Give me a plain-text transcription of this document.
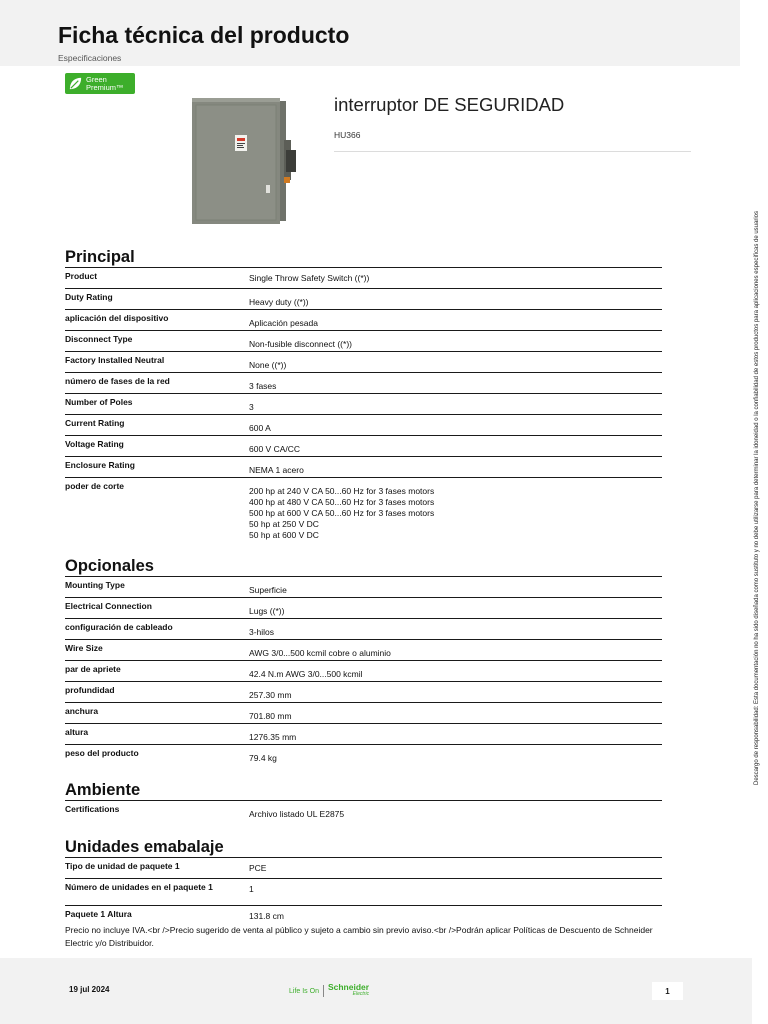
Ficha técnica del producto
Especificaciones
Green
Premium™
interruptor DE SEGURIDAD
HU366
Principal
Product	Single Throw Safety Switch ((*))
Duty Rating	Heavy duty ((*))
aplicación del dispositivo	Aplicación pesada
Disconnect Type	Non-fusible disconnect ((*))
Factory Installed Neutral	None ((*))
número de fases de la red	3 fases
Number of Poles	3
Current Rating	600 A
Voltage Rating	600 V CA/CC
Enclosure Rating	NEMA 1 acero
poder de corte	200 hp at 240 V CA 50...60 Hz for 3 fases motors
400 hp at 480 V CA 50...60 Hz for 3 fases motors
500 hp at 600 V CA 50...60 Hz for 3 fases motors
50 hp at 250 V DC
50 hp at 600 V DC
Opcionales
Mounting Type	Superficie
Electrical Connection	Lugs ((*))
configuración de cableado	3-hilos
Wire Size	AWG 3/0...500 kcmil cobre o aluminio
par de apriete	42.4 N.m AWG 3/0...500 kcmil
profundidad	257.30 mm
anchura	701.80 mm
altura	1276.35 mm
peso del producto	79.4 kg
Ambiente
Certifications	Archivo listado UL E2875
Unidades emabalaje
Tipo de unidad de paquete 1	PCE
Número de unidades en el paquete 1	1
Paquete 1 Altura	131.8 cm
Precio no incluye IVA.<br />Precio sugerido de venta al público y sujeto a cambio sin previo aviso.<br />Podrán aplicar Políticas de Descuento de Schneider Electric y/o Distribuidor.
Descargo de responsabilidad: Esta documentación no ha sido diseñada como sustituto y no debe utilizarse para determinar la idoneidad o la confiabilidad de estos productos para aplicaciones específicas de usuarios
19 jul 2024	Life Is On Schneider
Electric	1
